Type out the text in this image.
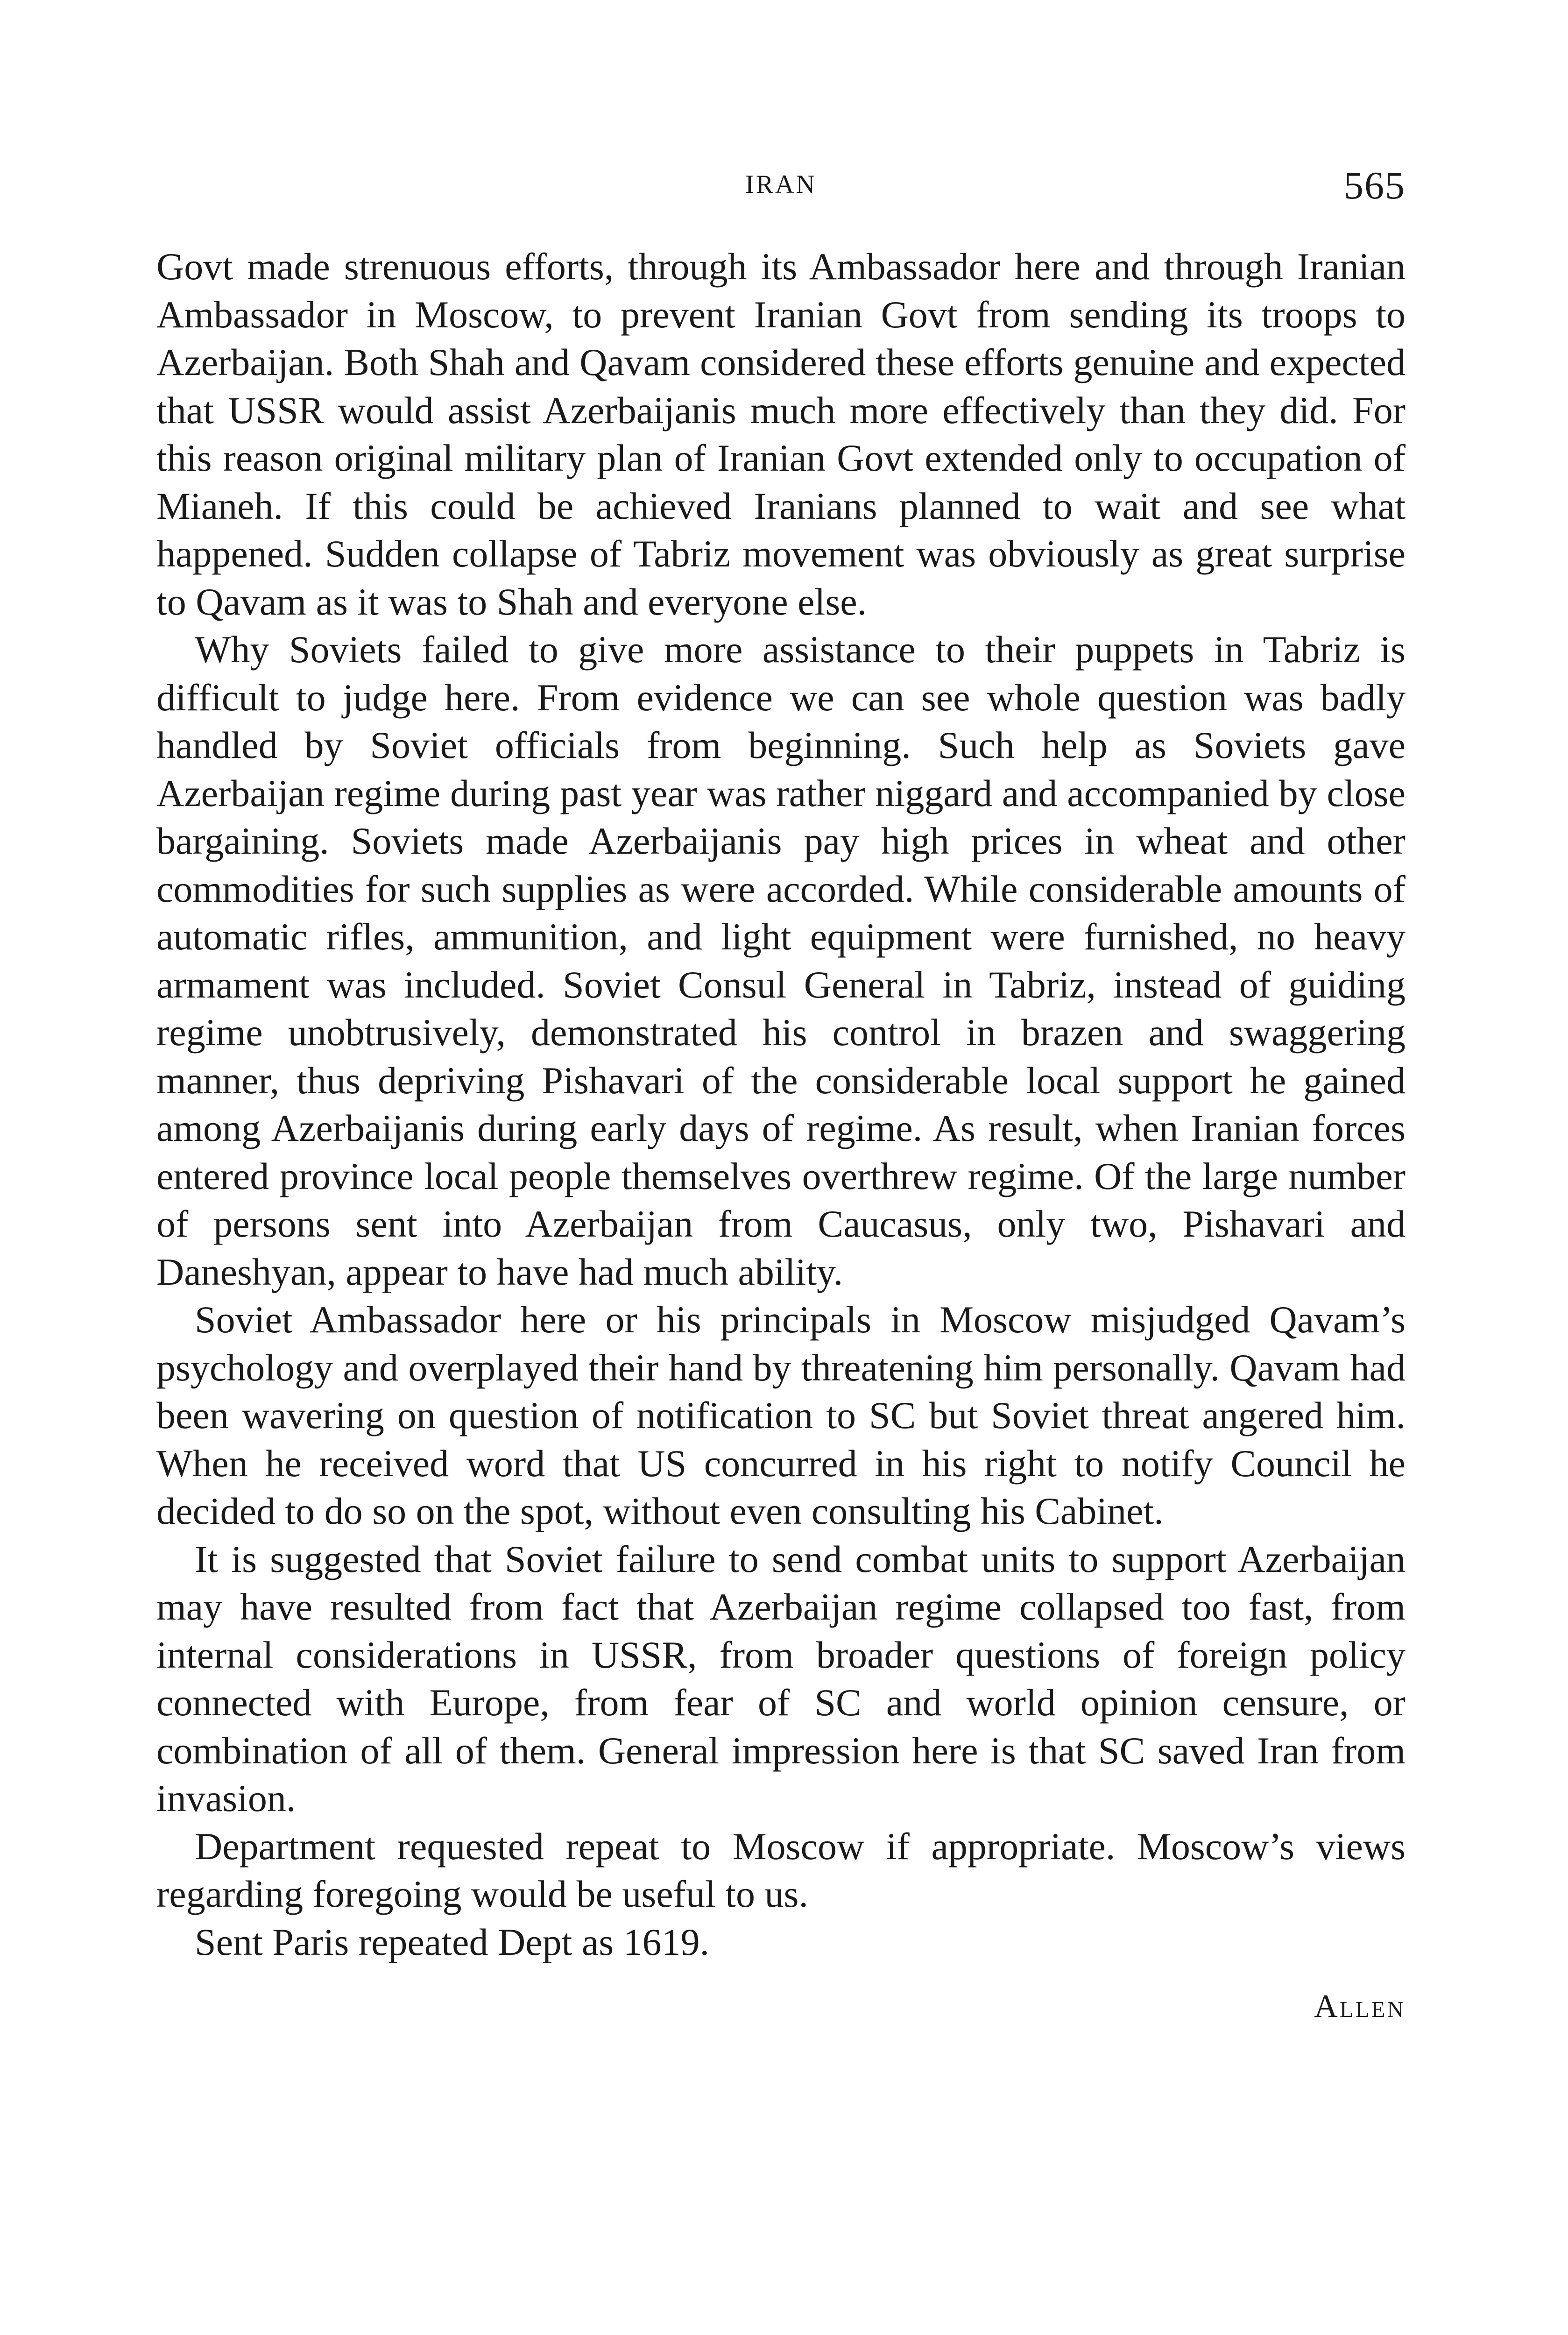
IRAN	565

Govt made strenuous efforts, through its Ambassador here and through Iranian Ambassador in Moscow, to prevent Iranian Govt from sending its troops to Azerbaijan. Both Shah and Qavam considered these efforts genuine and expected that USSR would assist Azerbaijanis much more effectively than they did. For this reason original military plan of Iranian Govt extended only to occupation of Mianeh. If this could be achieved Iranians planned to wait and see what happened. Sudden collapse of Tabriz movement was obviously as great surprise to Qavam as it was to Shah and everyone else.

Why Soviets failed to give more assistance to their puppets in Tabriz is difficult to judge here. From evidence we can see whole question was badly handled by Soviet officials from beginning. Such help as Soviets gave Azerbaijan regime during past year was rather niggard and accompanied by close bargaining. Soviets made Azerbaijanis pay high prices in wheat and other commodities for such supplies as were accorded. While considerable amounts of automatic rifles, ammunition, and light equipment were furnished, no heavy armament was included. Soviet Consul General in Tabriz, instead of guiding regime unobtrusively, demonstrated his control in brazen and swaggering manner, thus depriving Pishavari of the considerable local support he gained among Azerbaijanis during early days of regime. As result, when Iranian forces entered province local people themselves overthrew regime. Of the large number of persons sent into Azerbaijan from Caucasus, only two, Pishavari and Daneshyan, appear to have had much ability.

Soviet Ambassador here or his principals in Moscow misjudged Qavam’s psychology and overplayed their hand by threatening him personally. Qavam had been wavering on question of notification to SC but Soviet threat angered him. When he received word that US concurred in his right to notify Council he decided to do so on the spot, without even consulting his Cabinet.

It is suggested that Soviet failure to send combat units to support Azerbaijan may have resulted from fact that Azerbaijan regime collapsed too fast, from internal considerations in USSR, from broader questions of foreign policy connected with Europe, from fear of SC and world opinion censure, or combination of all of them. General impression here is that SC saved Iran from invasion.

Department requested repeat to Moscow if appropriate. Moscow’s views regarding foregoing would be useful to us.

Sent Paris repeated Dept as 1619.

Allen
